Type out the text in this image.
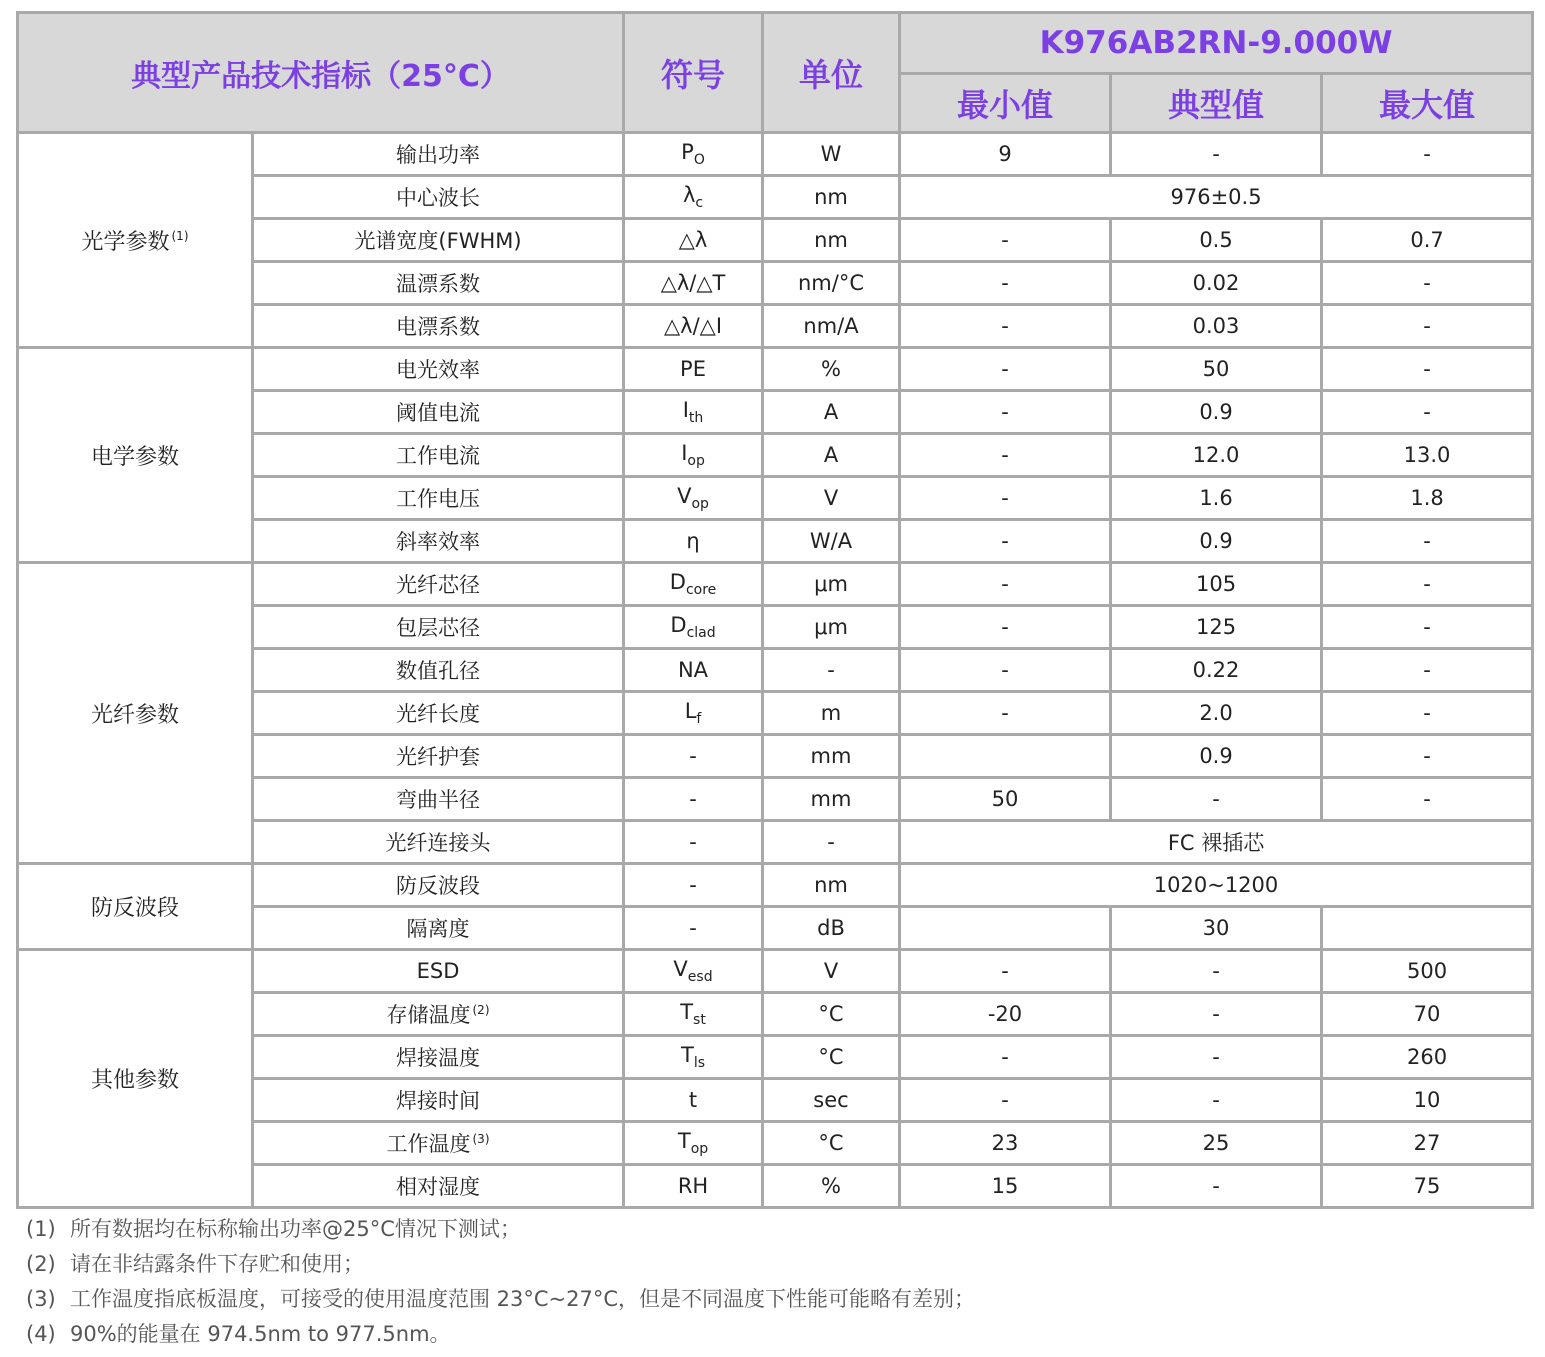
典型产品技术指标（25°C）		符号	单位	K976AB2RN-9.000W		
				最小值	典型值	最大值
光学参数 $^{(1)}$	输出功率	$P_O$	W	9	-	-
	中心波长	$\lambda_c$	nm	976±0.5		
	光谱宽度(FWHM)	△λ	nm	-	0.5	0.7
	温漂系数	△λ/△T	nm/°C	-	0.02	-
	电漂系数	△λ/△I	nm/A	-	0.03	-
电学参数	电光效率	PE	%	-	50	-
	阈值电流	$I_{th}$	A	-	0.9	-
	工作电流	$I_{op}$	A	-	12.0	13.0
	工作电压	$V_{op}$	V	-	1.6	1.8
	斜率效率	η	W/A	-	0.9	-
光纤参数	光纤芯径	$D_{core}$	μm	-	105	-
	包层芯径	$D_{clad}$	μm	-	125	-
	数值孔径	NA	-	-	0.22	-
	光纤长度	$L_f$	m	-	2.0	-
	光纤护套	-	mm		0.9	-
	弯曲半径	-	mm	50	-	-
	光纤连接头	-	-	FC 裸插芯		
防反波段	防反波段	-	nm	1020~1200		
	隔离度	-	dB		30	
其他参数	ESD	$V_{esd}$	V	-	-	500
	存储温度 $^{(2)}$	$T_{st}$	°C	-20	-	70
	焊接温度	$T_{ls}$	°C	-	-	260
	焊接时间	t	sec	-	-	10
	工作温度 $^{(3)}$	$T_{op}$	°C	23	25	27
	相对湿度	RH	%	15	-	75
(1) 所有数据均在标称输出功率@25°C情况下测试；
(2) 请在非结露条件下存贮和使用；
(3) 工作温度指底板温度，可接受的使用温度范围 23°C~27°C，但是不同温度下性能可能略有差别；
(4) 90%的能量在 974.5nm to 977.5nm。
